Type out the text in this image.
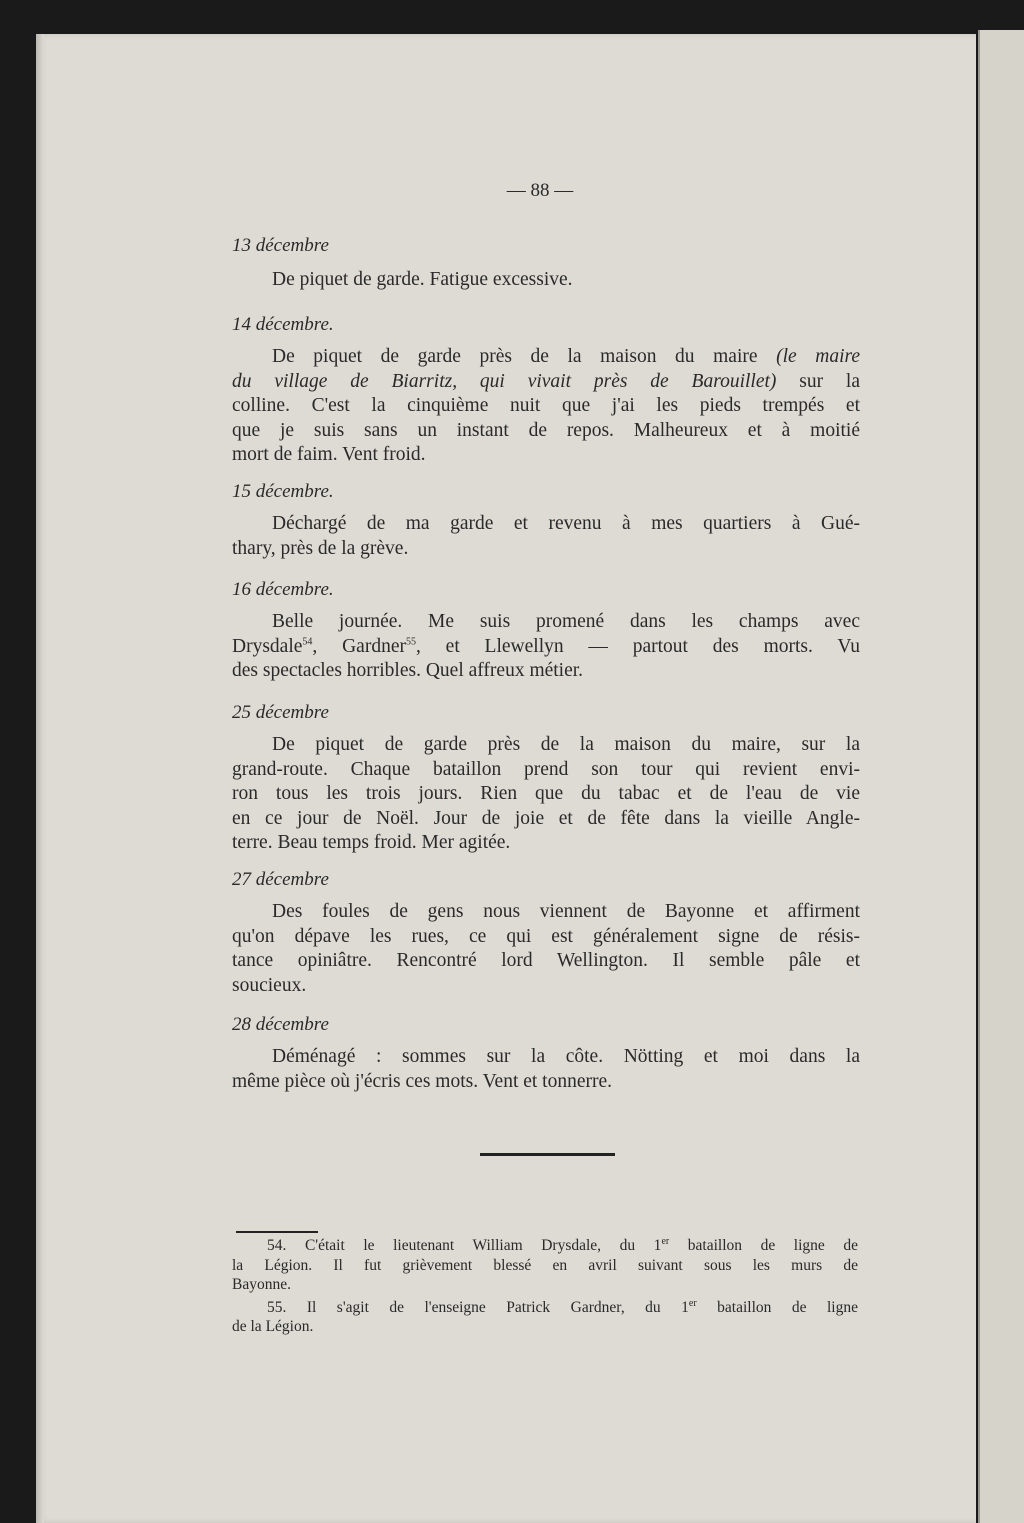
— 88 —
13 décembre
De piquet de garde. Fatigue excessive.
14 décembre.
De piquet de garde près de la maison du maire (le maire
du village de Biarritz, qui vivait près de Barouillet) sur la
colline. C'est la cinquième nuit que j'ai les pieds trempés et
que je suis sans un instant de repos. Malheureux et à moitié
mort de faim. Vent froid.
15 décembre.
Déchargé de ma garde et revenu à mes quartiers à Gué-
thary, près de la grève.
16 décembre.
Belle journée. Me suis promené dans les champs avec
Drysdale$^{54}$, Gardner$^{55}$, et Llewellyn — partout des morts. Vu
des spectacles horribles. Quel affreux métier.
25 décembre
De piquet de garde près de la maison du maire, sur la
grand-route. Chaque bataillon prend son tour qui revient envi-
ron tous les trois jours. Rien que du tabac et de l'eau de vie
en ce jour de Noël. Jour de joie et de fête dans la vieille Angle-
terre. Beau temps froid. Mer agitée.
27 décembre
Des foules de gens nous viennent de Bayonne et affirment
qu'on dépave les rues, ce qui est généralement signe de résis-
tance opiniâtre. Rencontré lord Wellington. Il semble pâle et
soucieux.
28 décembre
Déménagé : sommes sur la côte. Nötting et moi dans la
même pièce où j'écris ces mots. Vent et tonnerre.
54. C'était le lieutenant William Drysdale, du 1er bataillon de ligne de
la Légion. Il fut grièvement blessé en avril suivant sous les murs de
Bayonne.
55. Il s'agit de l'enseigne Patrick Gardner, du 1er bataillon de ligne
de la Légion.
